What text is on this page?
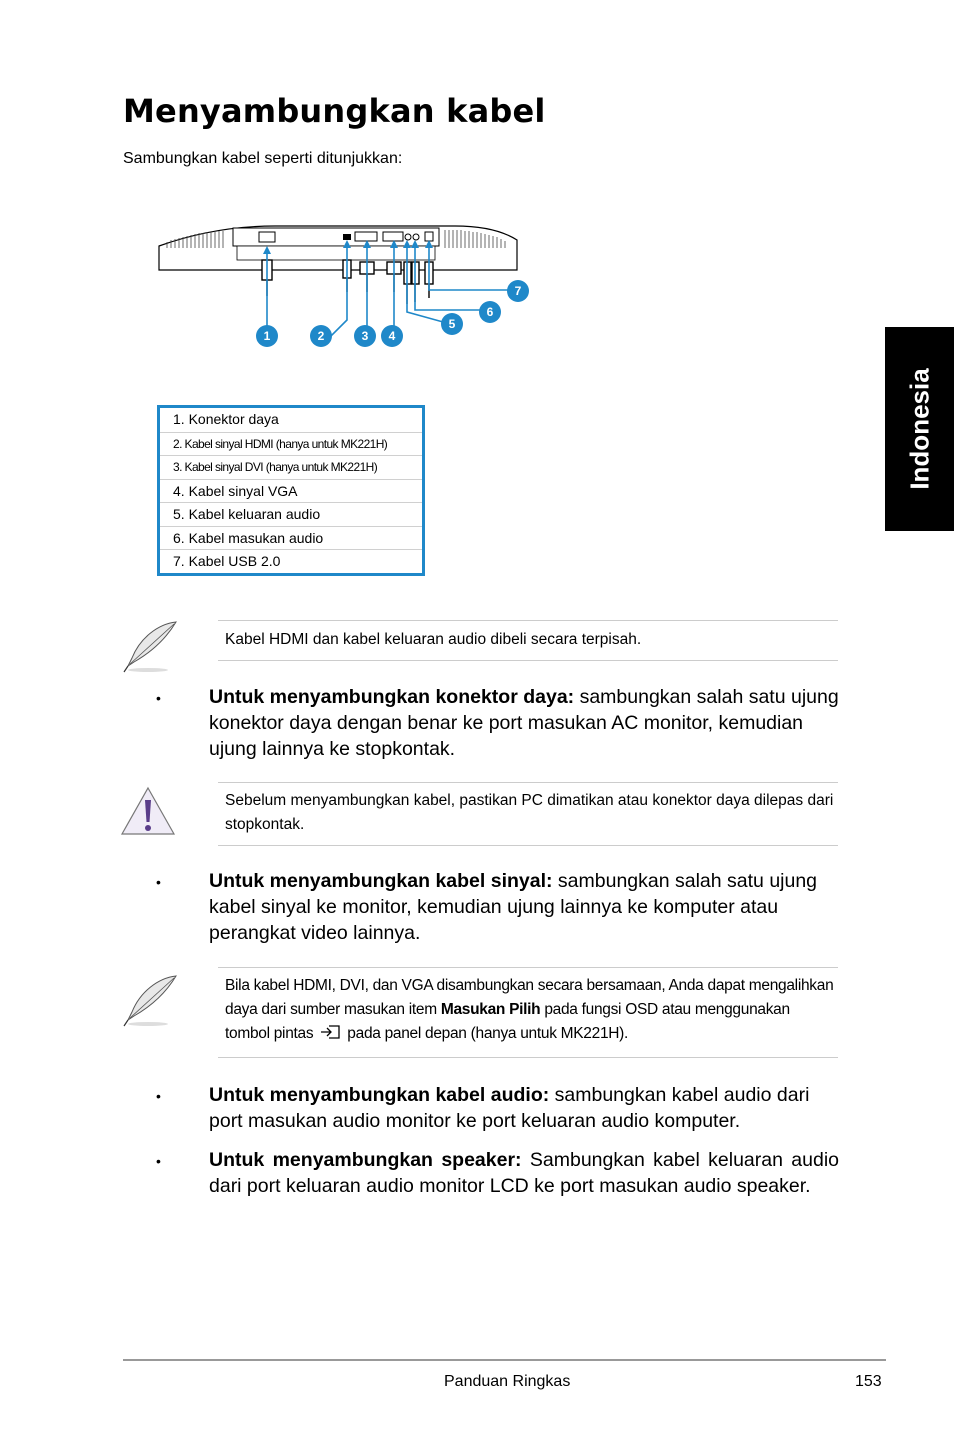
Menyambungkan kabel
Sambungkan kabel seperti ditunjukkan:
Indonesia
1	2	3 4
5
6
7
1. Konektor daya
2. Kabel sinyal HDMI (hanya untuk MK221H)
3. Kabel sinyal DVI (hanya untuk MK221H)
4. Kabel sinyal VGA
5. Kabel keluaran audio
6. Kabel masukan audio
7. Kabel USB 2.0
Kabel HDMI dan kabel keluaran audio dibeli secara terpisah.
• Untuk menyambungkan konektor daya: sambungkan salah satu ujung konektor daya dengan benar ke port masukan AC monitor, kemudian ujung lainnya ke stopkontak.
Sebelum menyambungkan kabel, pastikan PC dimatikan atau konektor daya dilepas dari stopkontak.
• Untuk menyambungkan kabel sinyal: sambungkan salah satu ujung kabel sinyal ke monitor, kemudian ujung lainnya ke komputer atau perangkat video lainnya.
Bila kabel HDMI, DVI, dan VGA disambungkan secara bersamaan, Anda dapat mengalihkan daya dari sumber masukan item Masukan Pilih pada fungsi OSD atau menggunakan tombol pintas  pada panel depan (hanya untuk MK221H).
• Untuk menyambungkan kabel audio: sambungkan kabel audio dari port masukan audio monitor ke port keluaran audio komputer.
• Untuk menyambungkan speaker: Sambungkan kabel keluaran audio dari port keluaran audio monitor LCD ke port masukan audio speaker.
Panduan Ringkas	153
